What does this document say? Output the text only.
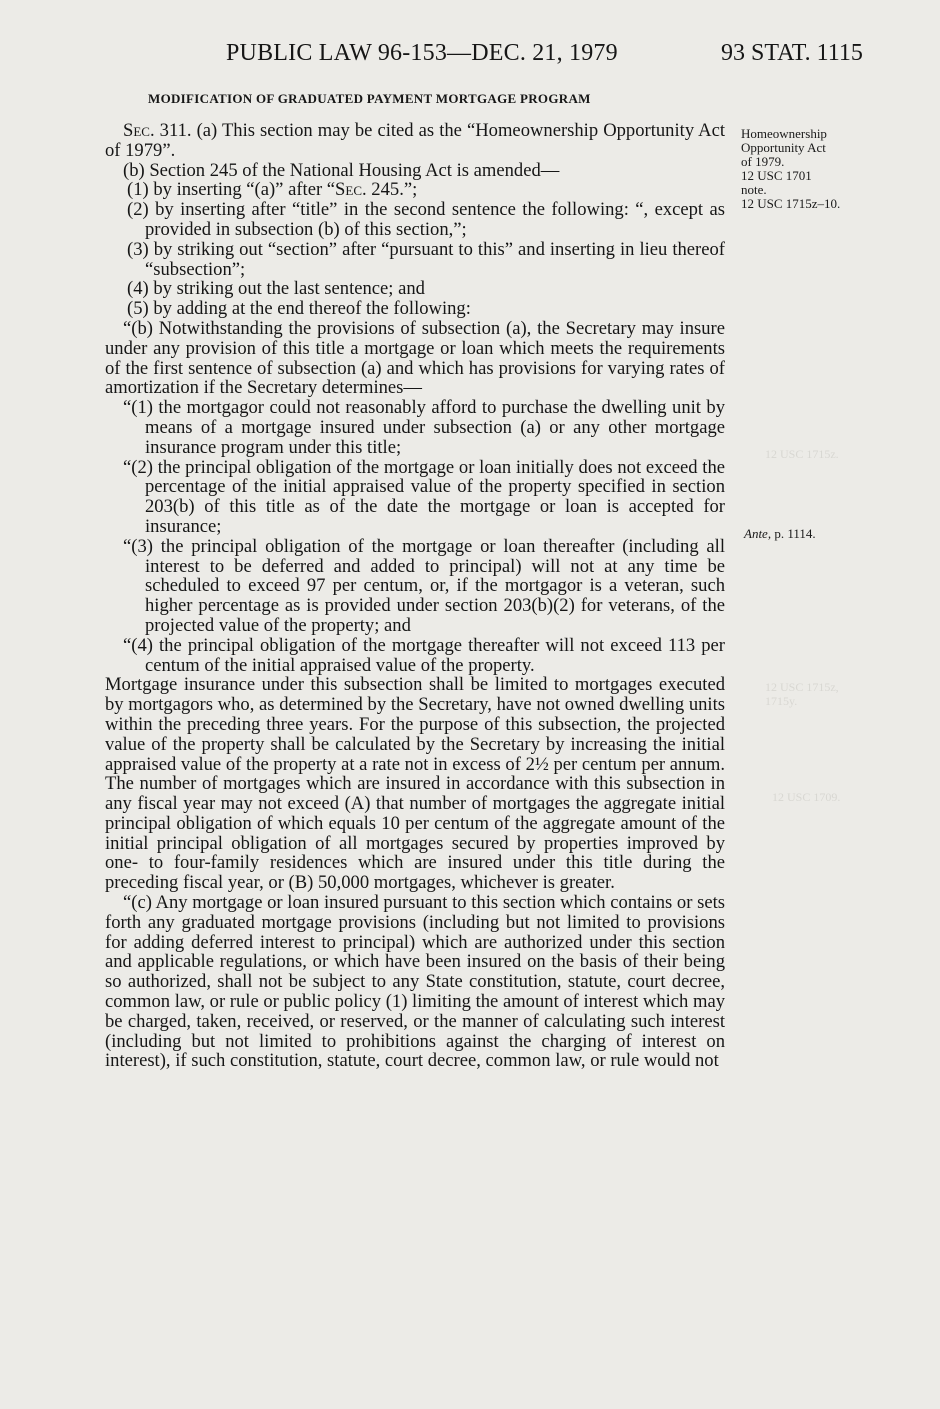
PUBLIC LAW 96-153—DEC. 21, 1979	93 STAT. 1115
MODIFICATION OF GRADUATED PAYMENT MORTGAGE PROGRAM

Sec. 311. (a) This section may be cited as the “Homeownership Opportunity Act of 1979”.

(b) Section 245 of the National Housing Act is amended—

(1) by inserting “(a)” after “Sec. 245.”;

(2) by inserting after “title” in the second sentence the following: “, except as provided in subsection (b) of this section,”;

(3) by striking out “section” after “pursuant to this” and inserting in lieu thereof “subsection”;

(4) by striking out the last sentence; and

(5) by adding at the end thereof the following:

“(b) Notwithstanding the provisions of subsection (a), the Secretary may insure under any provision of this title a mortgage or loan which meets the requirements of the first sentence of subsection (a) and which has provisions for varying rates of amortization if the Secretary determines—

“(1) the mortgagor could not reasonably afford to purchase the dwelling unit by means of a mortgage insured under subsection (a) or any other mortgage insurance program under this title;

“(2) the principal obligation of the mortgage or loan initially does not exceed the percentage of the initial appraised value of the property specified in section 203(b) of this title as of the date the mortgage or loan is accepted for insurance;

“(3) the principal obligation of the mortgage or loan thereafter (including all interest to be deferred and added to principal) will not at any time be scheduled to exceed 97 per centum, or, if the mortgagor is a veteran, such higher percentage as is provided under section 203(b)(2) for veterans, of the projected value of the property; and

“(4) the principal obligation of the mortgage thereafter will not exceed 113 per centum of the initial appraised value of the property.

Mortgage insurance under this subsection shall be limited to mortgages executed by mortgagors who, as determined by the Secretary, have not owned dwelling units within the preceding three years. For the purpose of this subsection, the projected value of the property shall be calculated by the Secretary by increasing the initial appraised value of the property at a rate not in excess of 2½ per centum per annum. The number of mortgages which are insured in accordance with this subsection in any fiscal year may not exceed (A) that number of mortgages the aggregate initial principal obligation of which equals 10 per centum of the aggregate amount of the initial principal obligation of all mortgages secured by properties improved by one- to four-family residences which are insured under this title during the preceding fiscal year, or (B) 50,000 mortgages, whichever is greater.

“(c) Any mortgage or loan insured pursuant to this section which contains or sets forth any graduated mortgage provisions (including but not limited to provisions for adding deferred interest to principal) which are authorized under this section and applicable regulations, or which have been insured on the basis of their being so authorized, shall not be subject to any State constitution, statute, court decree, common law, or rule or public policy (1) limiting the amount of interest which may be charged, taken, received, or reserved, or the manner of calculating such interest (including but not limited to prohibitions against the charging of interest on interest), if such constitution, statute, court decree, common law, or rule would not

Homeownership
Opportunity Act
of 1979.
12 USC 1701
note.
12 USC 1715z–10.
Ante, p. 1114.
12 USC 1715z.
12 USC 1715z,
1715y.
12 USC 1709.
